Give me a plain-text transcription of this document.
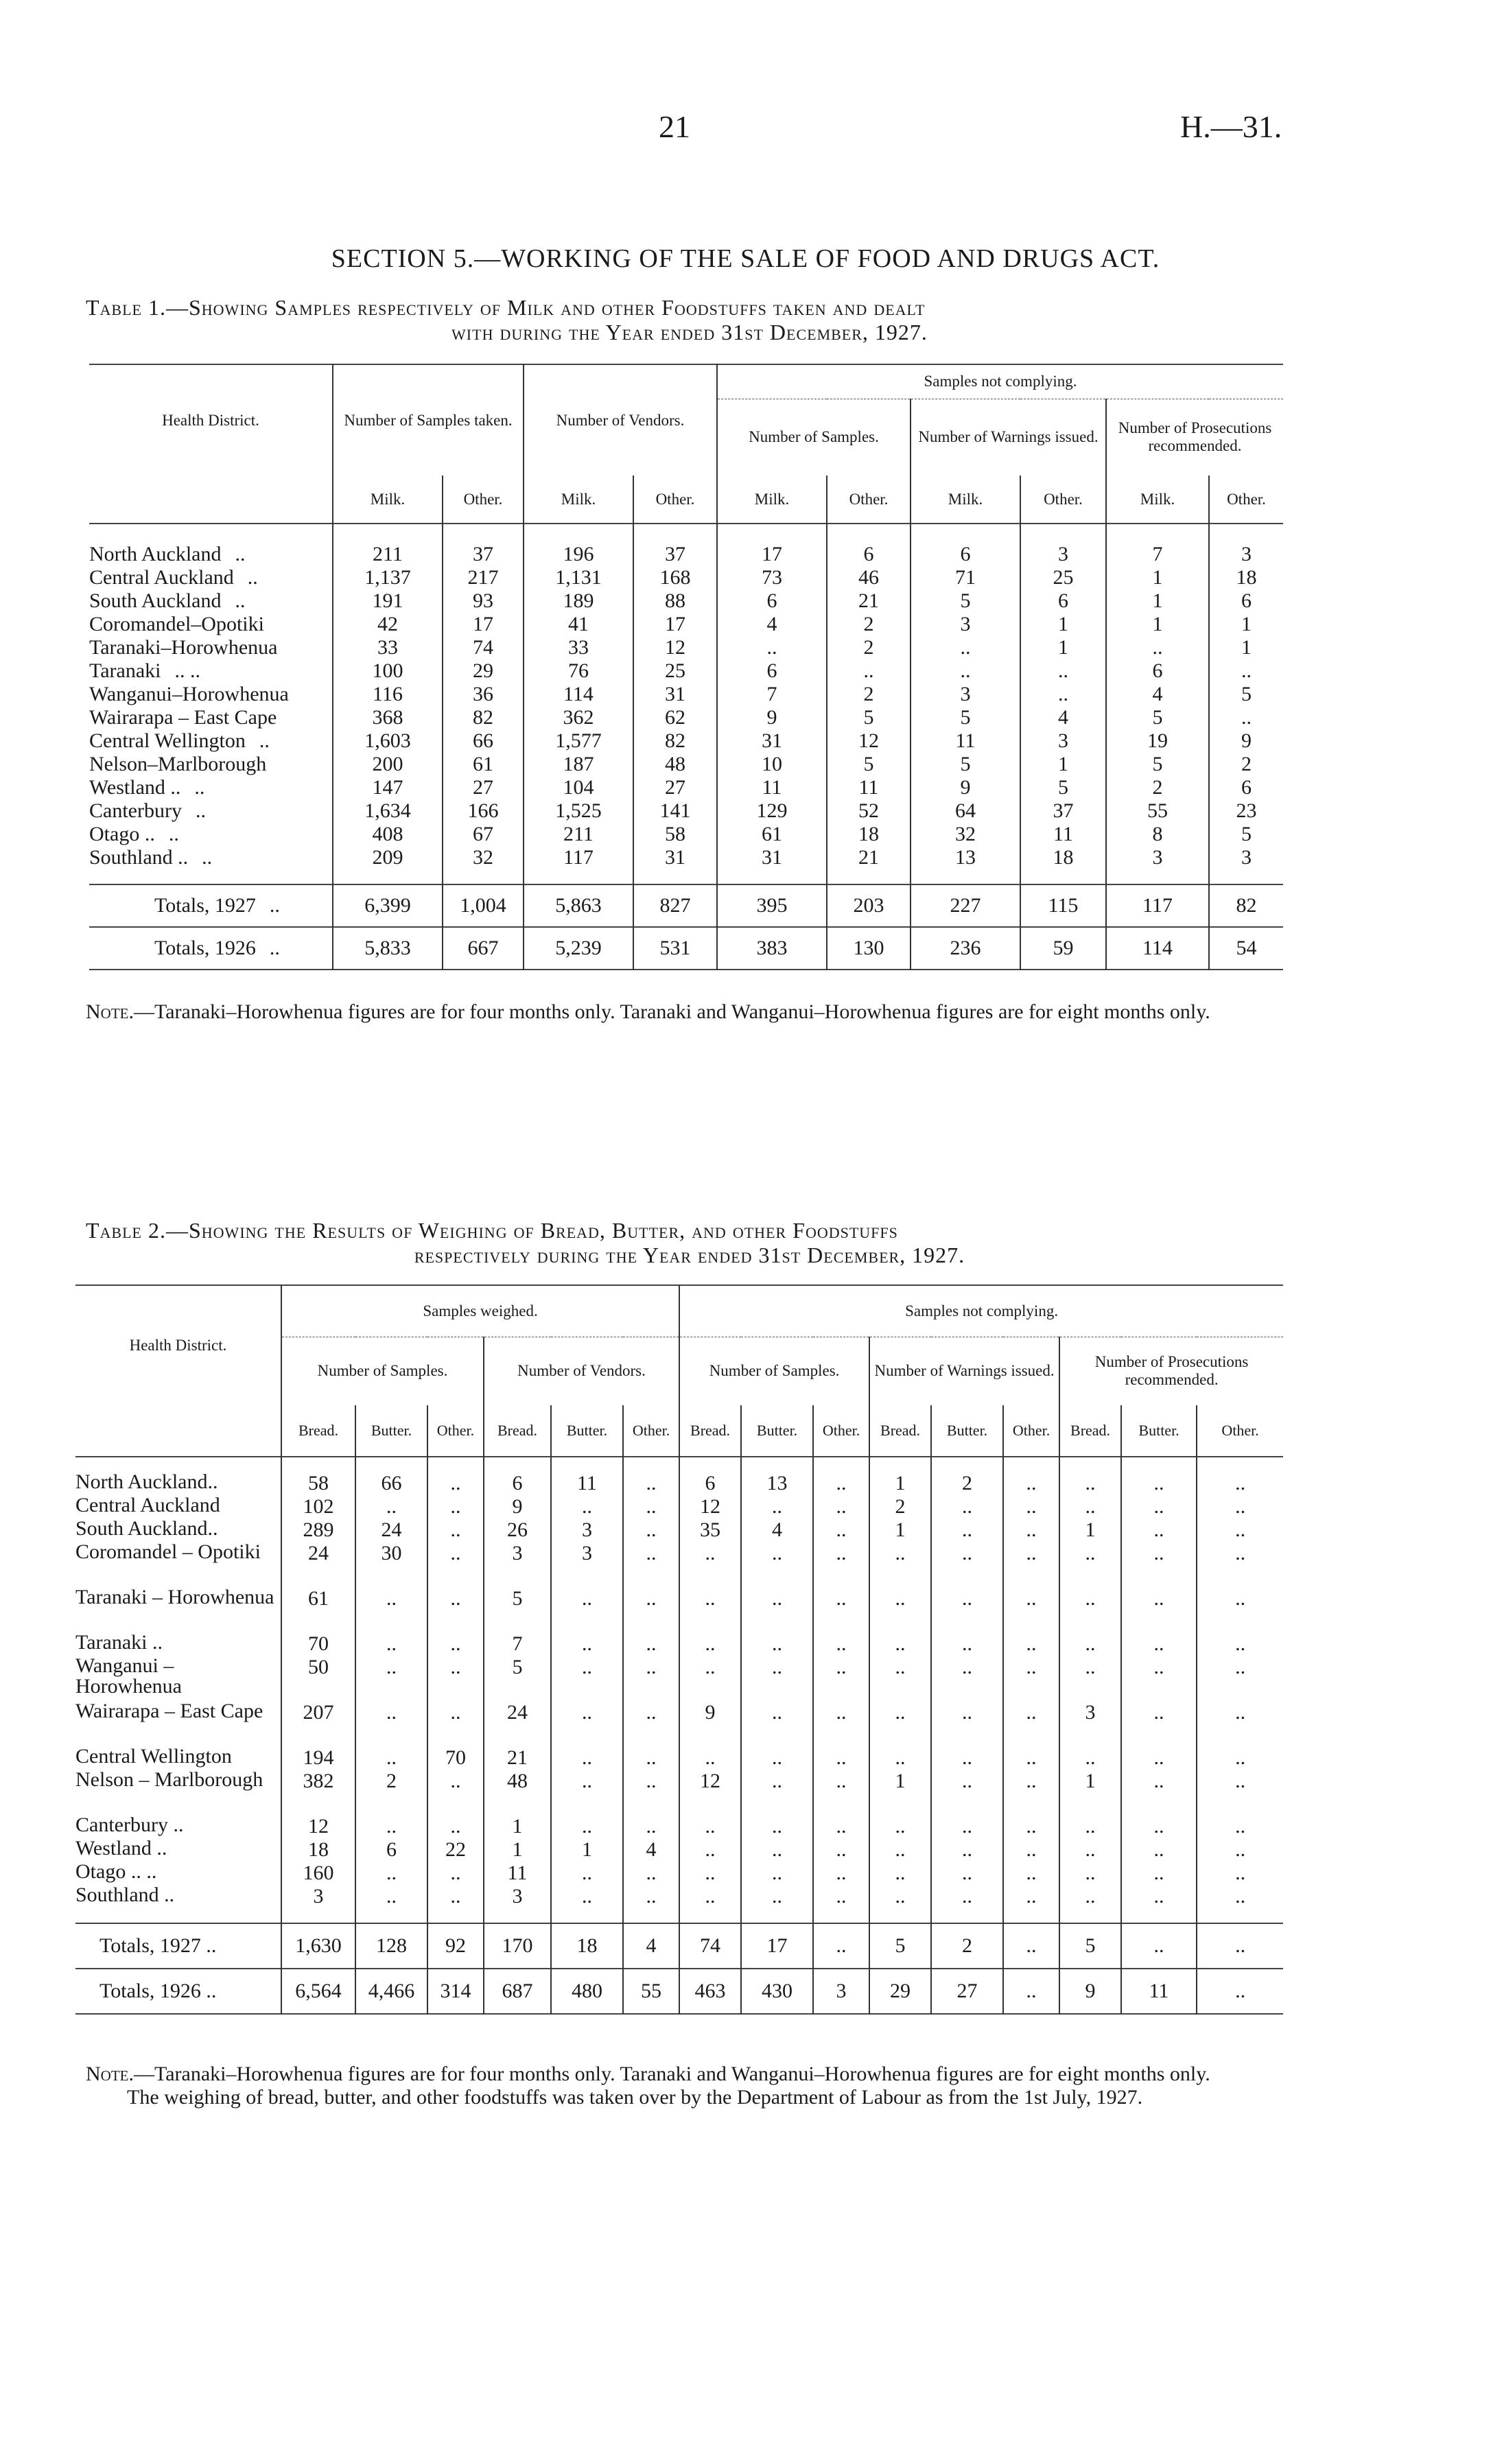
21	H.—31.
SECTION 5.—WORKING OF THE SALE OF FOOD AND DRUGS ACT.
Table 1.—Showing Samples respectively of Milk and other Foodstuffs taken and dealt
with during the Year ended 31st December, 1927.
Health District.	Number of Samples taken.		Number of Vendors.		Samples not complying.					
					Number of Samples.		Number of Warnings issued.		Number of Prosecutions recommended.	
	Milk.	Other.	Milk.	Other.	Milk.	Other.	Milk.	Other.	Milk.	Other.

North Auckland ..	211	37	196	37	17	6	6	3	7	3
Central Auckland ..	1,137	217	1,131	168	73	46	71	25	1	18
South Auckland ..	191	93	189	88	6	21	5	6	1	6
Coromandel–Opotiki	42	17	41	17	4	2	3	1	1	1
Taranaki–Horowhenua	33	74	33	12	..	2	..	1	..	1
Taranaki .. ..	100	29	76	25	6	..	..	..	6	..
Wanganui–Horowhenua	116	36	114	31	7	2	3	..	4	5
Wairarapa – East Cape	368	82	362	62	9	5	5	4	5	..
Central Wellington ..	1,603	66	1,577	82	31	12	11	3	19	9
Nelson–Marlborough	200	61	187	48	10	5	5	1	5	2
Westland .. ..	147	27	104	27	11	11	9	5	2	6
Canterbury ..	1,634	166	1,525	141	129	52	64	37	55	23
Otago .. ..	408	67	211	58	61	18	32	11	8	5
Southland .. ..	209	32	117	31	31	21	13	18	3	3

Totals, 1927 ..	6,399	1,004	5,863	827	395	203	227	115	117	82
Totals, 1926 ..	5,833	667	5,239	531	383	130	236	59	114	54
Note.—Taranaki–Horowhenua figures are for four months only. Taranaki and Wanganui–Horowhenua figures are for eight months only.
Table 2.—Showing the Results of Weighing of Bread, Butter, and other Foodstuffs
respectively during the Year ended 31st December, 1927.
Health District.	Samples weighed.						Samples not complying.								
	Number of Samples.			Number of Vendors.			Number of Samples.			Number of Warnings issued.			Number of Prosecutions recommended.		
	Bread.	Butter.	Other.	Bread.	Butter.	Other.	Bread.	Butter.	Other.	Bread.	Butter.	Other.	Bread.	Butter.	Other.

North Auckland..	58	66	..	6	11	..	6	13	..	1	2	..	..	..	..
Central Auckland	102	..	..	9	..	..	12	..	..	2	..	..	..	..	..
South Auckland..	289	24	..	26	3	..	35	4	..	1	..	..	1	..	..
Coromandel – Opotiki	24	30	..	3	3	..	..	..	..	..	..	..	..	..	..
Taranaki – Horowhenua	61	..	..	5	..	..	..	..	..	..	..	..	..	..	..
Taranaki ..	70	..	..	7	..	..	..	..	..	..	..	..	..	..	..
Wanganui – Horowhenua	50	..	..	5	..	..	..	..	..	..	..	..	..	..	..
Wairarapa – East Cape	207	..	..	24	..	..	9	..	..	..	..	..	3	..	..
Central Wellington	194	..	70	21	..	..	..	..	..	..	..	..	..	..	..
Nelson – Marlborough	382	2	..	48	..	..	12	..	..	1	..	..	1	..	..
Canterbury ..	12	..	..	1	..	..	..	..	..	..	..	..	..	..	..
Westland ..	18	6	22	1	1	4	..	..	..	..	..	..	..	..	..
Otago .. ..	160	..	..	11	..	..	..	..	..	..	..	..	..	..	..
Southland ..	3	..	..	3	..	..	..	..	..	..	..	..	..	..	..

Totals, 1927 ..	1,630	128	92	170	18	4	74	17	..	5	2	..	5	..	..
Totals, 1926 ..	6,564	4,466	314	687	480	55	463	430	3	29	27	..	9	11	..
Note.—Taranaki–Horowhenua figures are for four months only. Taranaki and Wanganui–Horowhenua figures are for eight months only.
The weighing of bread, butter, and other foodstuffs was taken over by the Department of Labour as from the 1st July, 1927.
